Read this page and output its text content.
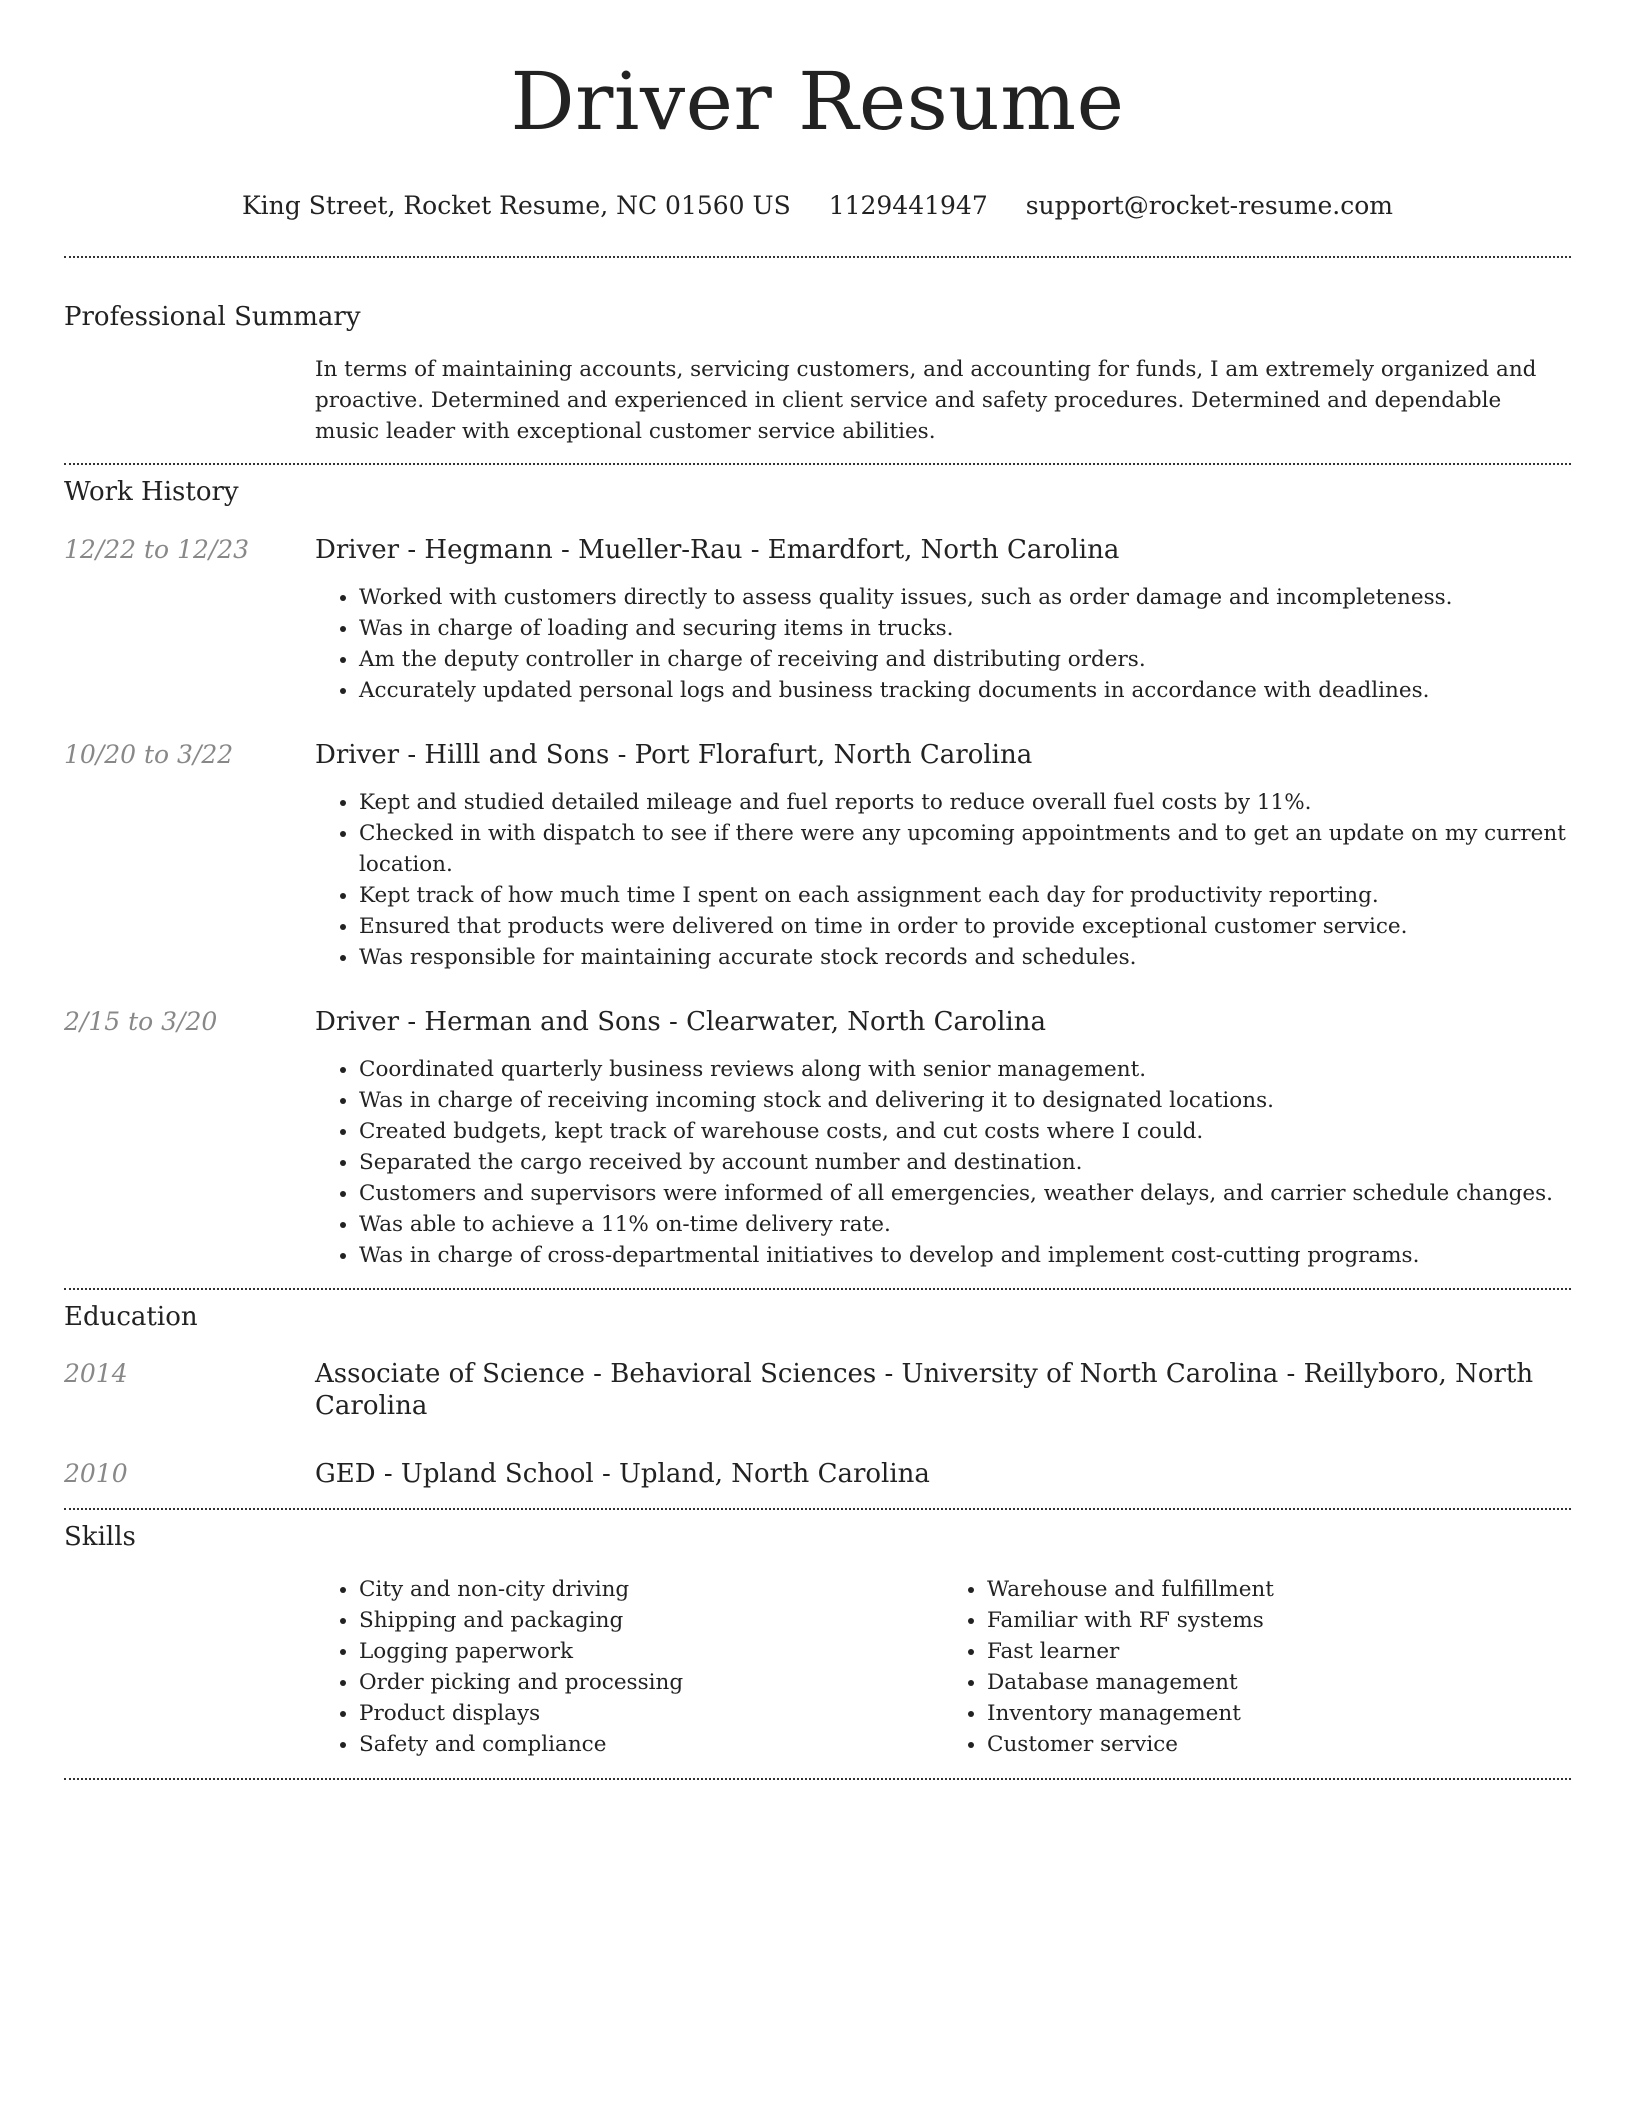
Driver Resume
King Street, Rocket Resume, NC 01560 US 1129441947 support@rocket-resume.com
Professional Summary
In terms of maintaining accounts, servicing customers, and accounting for funds, I am extremely organized and proactive. Determined and experienced in client service and safety procedures. Determined and dependable music leader with exceptional customer service abilities.
Work History
12/22 to 12/23	Driver - Hegmann - Mueller-Rau - Emardfort, North Carolina
• Worked with customers directly to assess quality issues, such as order damage and incompleteness.
• Was in charge of loading and securing items in trucks.
• Am the deputy controller in charge of receiving and distributing orders.
• Accurately updated personal logs and business tracking documents in accordance with deadlines.
10/20 to 3/22	Driver - Hilll and Sons - Port Florafurt, North Carolina
• Kept and studied detailed mileage and fuel reports to reduce overall fuel costs by 11%.
• Checked in with dispatch to see if there were any upcoming appointments and to get an update on my current location.
• Kept track of how much time I spent on each assignment each day for productivity reporting.
• Ensured that products were delivered on time in order to provide exceptional customer service.
• Was responsible for maintaining accurate stock records and schedules.
2/15 to 3/20	Driver - Herman and Sons - Clearwater, North Carolina
• Coordinated quarterly business reviews along with senior management.
• Was in charge of receiving incoming stock and delivering it to designated locations.
• Created budgets, kept track of warehouse costs, and cut costs where I could.
• Separated the cargo received by account number and destination.
• Customers and supervisors were informed of all emergencies, weather delays, and carrier schedule changes.
• Was able to achieve a 11% on-time delivery rate.
• Was in charge of cross-departmental initiatives to develop and implement cost-cutting programs.
Education
2014	Associate of Science - Behavioral Sciences - University of North Carolina - Reillyboro, North Carolina
2010	GED - Upland School - Upland, North Carolina
Skills
• City and non-city driving
• Shipping and packaging
• Logging paperwork
• Order picking and processing
• Product displays
• Safety and compliance
• Warehouse and fulfillment
• Familiar with RF systems
• Fast learner
• Database management
• Inventory management
• Customer service
